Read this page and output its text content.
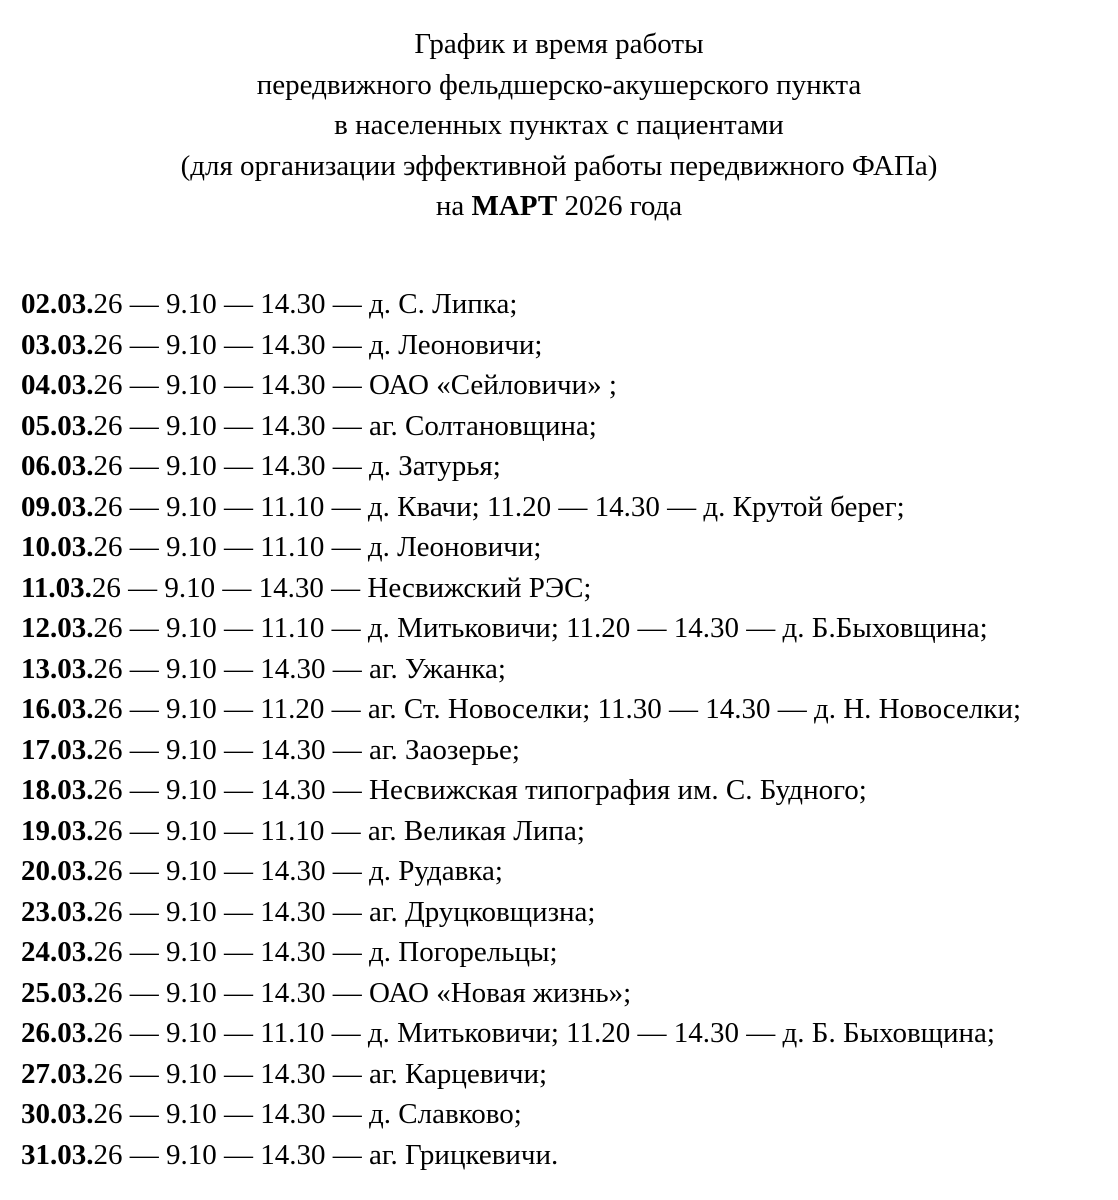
График и время работы
передвижного фельдшерско-акушерского пункта
в населенных пунктах с пациентами
(для организации эффективной работы передвижного ФАПа)
на МАРТ 2026 года
02.03.26 — 9.10 — 14.30 — д. С. Липка;
03.03.26 — 9.10 — 14.30 — д. Леоновичи;
04.03.26 — 9.10 — 14.30 — ОАО «Сейловичи» ;
05.03.26 — 9.10 — 14.30 — аг. Солтановщина;
06.03.26 — 9.10 — 14.30 — д. Затурья;
09.03.26 — 9.10 — 11.10 — д. Квачи; 11.20 — 14.30 — д. Крутой берег;
10.03.26 — 9.10 — 11.10 — д. Леоновичи;
11.03.26 — 9.10 — 14.30 — Несвижский РЭС;
12.03.26 — 9.10 — 11.10 — д. Митьковичи; 11.20 — 14.30 — д. Б.Быховщина;
13.03.26 — 9.10 — 14.30 — аг. Ужанка;
16.03.26 — 9.10 — 11.20 — аг. Ст. Новоселки; 11.30 — 14.30 — д. Н. Новоселки;
17.03.26 — 9.10 — 14.30 — аг. Заозерье;
18.03.26 — 9.10 — 14.30 — Несвижская типография им. С. Будного;
19.03.26 — 9.10 — 11.10 — аг. Великая Липа;
20.03.26 — 9.10 — 14.30 — д. Рудавка;
23.03.26 — 9.10 — 14.30 — аг. Друцковщизна;
24.03.26 — 9.10 — 14.30 — д. Погорельцы;
25.03.26 — 9.10 — 14.30 — ОАО «Новая жизнь»;
26.03.26 — 9.10 — 11.10 — д. Митьковичи; 11.20 — 14.30 — д. Б. Быховщина;
27.03.26 — 9.10 — 14.30 — аг. Карцевичи;
30.03.26 — 9.10 — 14.30 — д. Славково;
31.03.26 — 9.10 — 14.30 — аг. Грицкевичи.
